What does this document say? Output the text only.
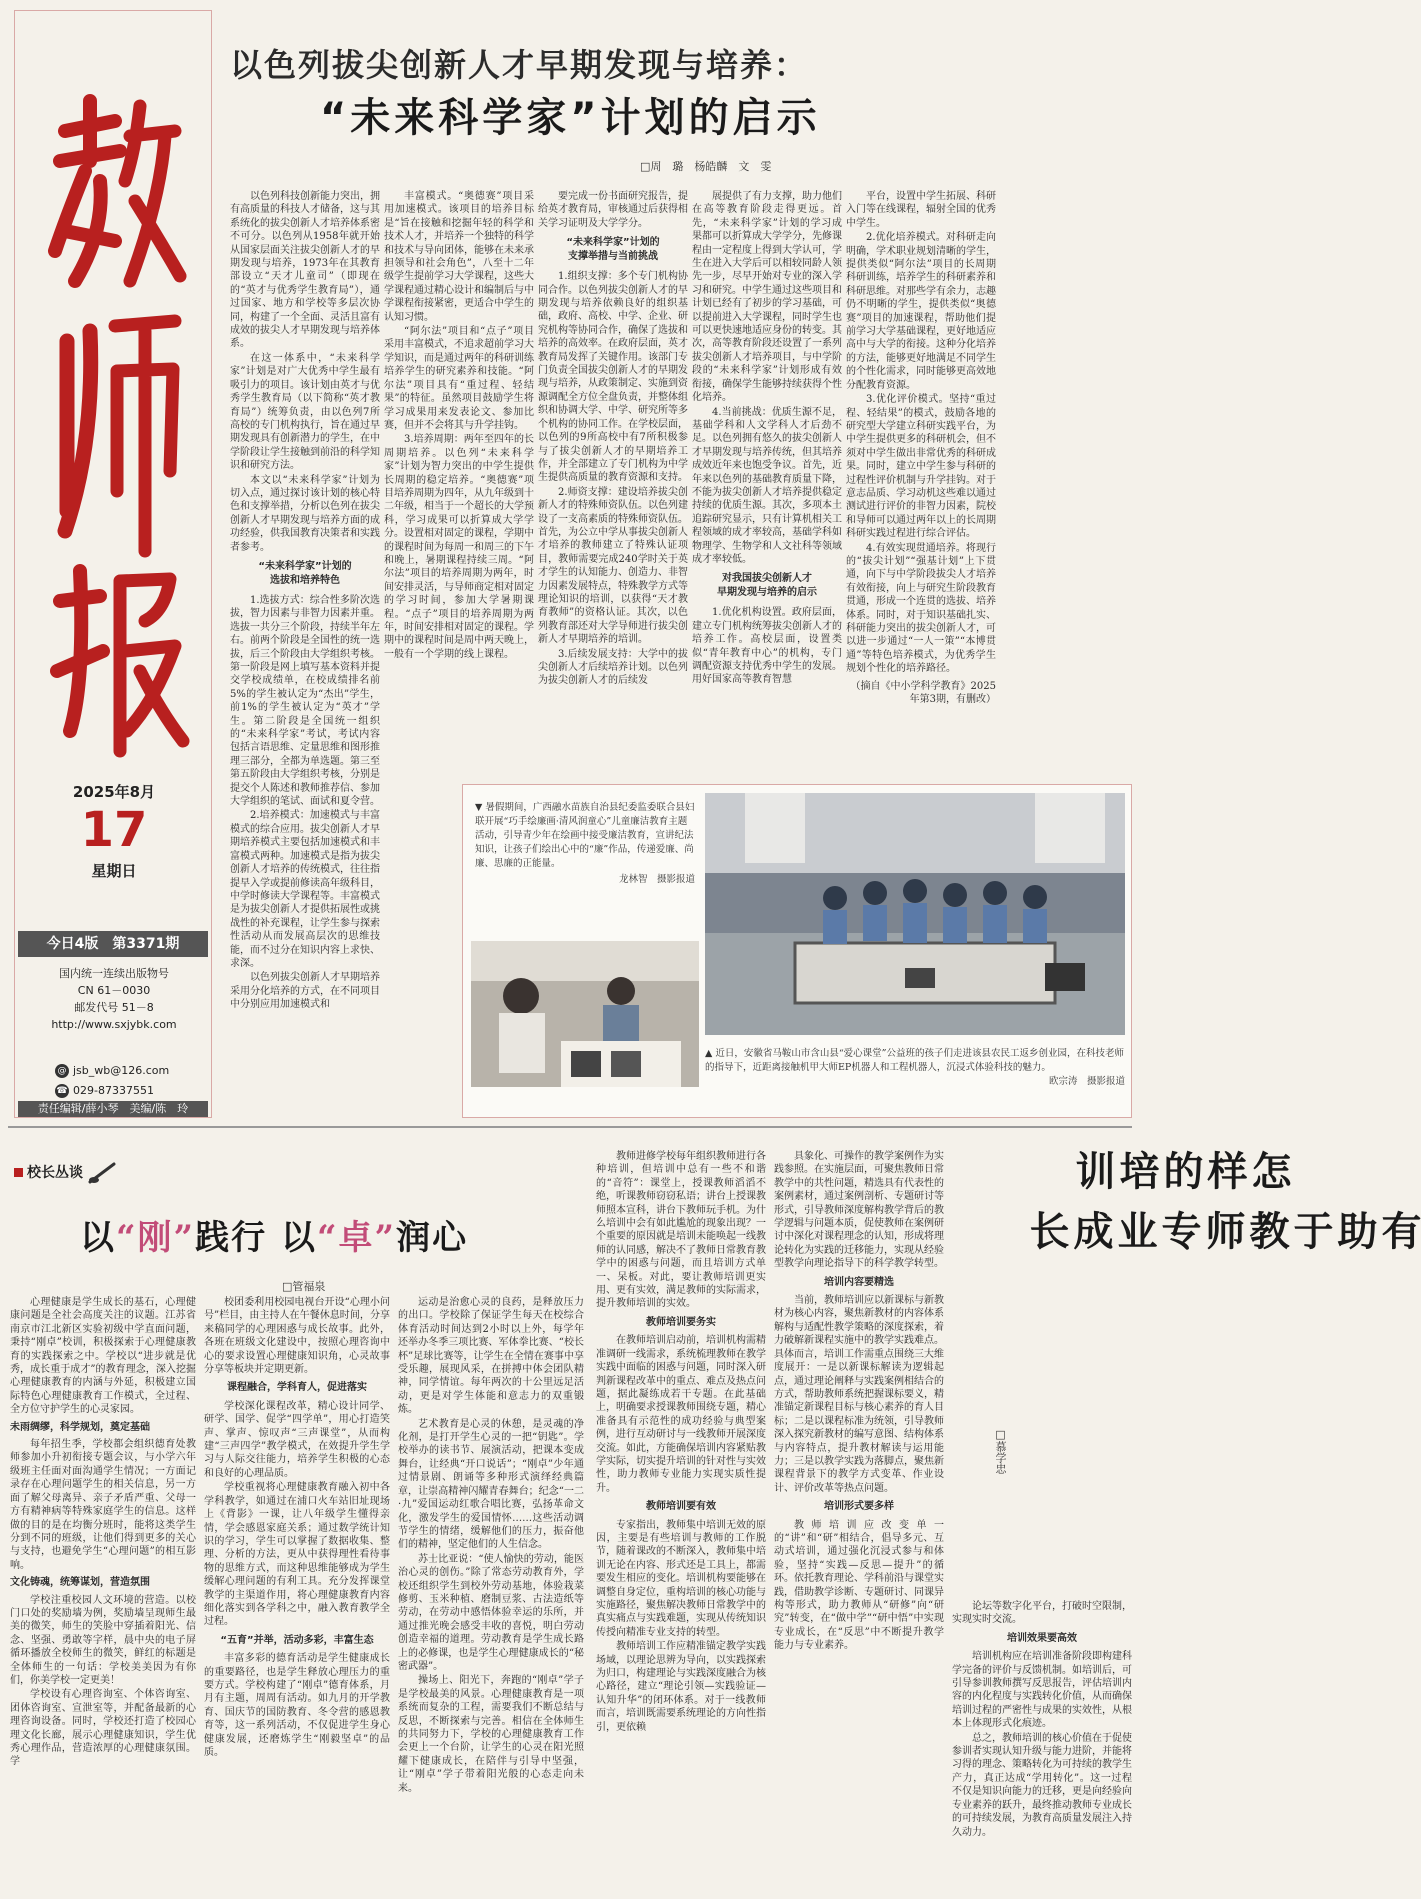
2025年8月
17
星期日
今日4版　第3371期
国内统一连续出版物号
CN 61－0030
邮发代号 51－8
http://www.sxjybk.com
@ jsb_wb@126.com
☎ 029-87337551
责任编辑/薛小琴　美编/陈　玲
以色列拔尖创新人才早期发现与培养：
“未来科学家”计划的启示
□周　璐　杨皓麟　文　雯

以色列科技创新能力突出，拥有高质量的科技人才储备，这与其系统化的拔尖创新人才培养体系密不可分。以色列从1958年就开始从国家层面关注拔尖创新人才的早期发现与培养，1973年在其教育部设立“天才儿童司”（即现在的“英才与优秀学生教育局”），通过国家、地方和学校等多层次协同，构建了一个全面、灵活且富有成效的拔尖人才早期发现与培养体系。

在这一体系中，“未来科学家”计划是对广大优秀中学生最有吸引力的项目。该计划由英才与优秀学生教育局（以下简称“英才教育局”）统筹负责，由以色列7所高校的专门机构执行，旨在通过早期发现具有创新潜力的学生，在中学阶段让学生接触到前沿的科学知识和研究方法。

本文以“未来科学家”计划为切入点，通过探讨该计划的核心特色和支撑举措，分析以色列在拔尖创新人才早期发现与培养方面的成功经验，供我国教育决策者和实践者参考。

“未来科学家”计划的
选拔和培养特色

1.选拔方式：综合性多阶次选拔，智力因素与非智力因素并重。选拔一共分三个阶段，持续半年左右。前两个阶段是全国性的统一选拔，后三个阶段由大学组织考核。第一阶段是网上填写基本资料并提交学校成绩单，在校成绩排名前5%的学生被认定为“杰出”学生，前1%的学生被认定为“英才”学生。第二阶段是全国统一组织的“未来科学家”考试，考试内容包括言语思维、定量思维和图形推理三部分，全都为单选题。第三至第五阶段由大学组织考核，分别是提交个人陈述和教师推荐信、参加大学组织的笔试、面试和夏令营。

2.培养模式：加速模式与丰富模式的综合应用。拔尖创新人才早期培养模式主要包括加速模式和丰富模式两种。加速模式是指为拔尖创新人才培养的传统模式，往往指提早入学或提前修读高年级科目，中学时修读大学课程等。丰富模式是为拔尖创新人才提供拓展性或挑战性的补充课程，让学生参与探索性活动从而发展高层次的思维技能，而不过分在知识内容上求快、求深。

以色列拔尖创新人才早期培养采用分化培养的方式，在不同项目中分别应用加速模式和

丰富模式。“奥德赛”项目采用加速模式。该项目的培养目标是“旨在接触和挖掘年轻的科学和技术人才，并培养一个独特的科学和技术与导向团体，能够在未来承担领导和社会角色”，八至十二年级学生提前学习大学课程，这些大学课程通过精心设计和编制后与中学课程衔接紧密，更适合中学生的认知习惯。

“阿尔法”项目和“点子”项目采用丰富模式，不追求超前学习大学知识，而是通过两年的科研训练培养学生的研究素养和技能。“阿尔法”项目具有“重过程、轻结果”的特征。虽然项目鼓励学生将学习成果用来发表论文、参加比赛，但并不会将其与升学挂钩。

3.培养周期：两年至四年的长周期培养。以色列“未来科学家”计划为智力突出的中学生提供长周期的稳定培养。“奥德赛”项目培养周期为四年，从九年级到十二年级，相当于一个超长的大学预科，学习成果可以折算成大学学分。设置相对固定的课程，学期中的课程时间为每周一和周三的下午和晚上，暑期课程持续三周。“阿尔法”项目的培养周期为两年，时间安排灵活，与导师商定相对固定的学习时间，参加大学暑期课程。“点子”项目的培养周期为两年，时间安排相对固定的课程。学期中的课程时间是周中两天晚上，一般有一个学期的线上课程。

要完成一份书面研究报告，提给英才教育局，审核通过后获得相关学习证明及大学学分。

“未来科学家”计划的
支撑举措与当前挑战

1.组织支撑：多个专门机构协同合作。以色列拔尖创新人才的早期发现与培养依赖良好的组织基础，政府、高校、中学、企业、研究机构等协同合作，确保了选拔和培养的高效率。在政府层面，英才教育局发挥了关键作用。该部门专门负责全国拔尖创新人才的早期发现与培养，从政策制定、实施到资源调配全方位全盘负责，并整体组织和协调大学、中学、研究所等多个机构的协同工作。在学校层面，以色列的9所高校中有7所积极参与了拔尖创新人才的早期培养工作，并全部建立了专门机构为中学生提供高质量的教育资源和支持。

2.师资支撑：建设培养拔尖创新人才的特殊师资队伍。以色列建设了一支高素质的特殊师资队伍。首先，为公立中学从事拔尖创新人才培养的教师建立了特殊认证项目，教师需要完成240学时关于英才学生的认知能力、创造力、非智力因素发展特点，特殊教学方式等理论知识的培训，以获得“天才教育教师”的资格认证。其次，以色列教育部还对大学导师进行拔尖创新人才早期培养的培训。

3.后续发展支持：大学中的拔尖创新人才后续培养计划。以色列为拔尖创新人才的后续发

展提供了有力支撑，助力他们在高等教育阶段走得更远。首先，“未来科学家”计划的学习成果都可以折算成大学学分，先修课程由一定程度上得到大学认可，学生在进入大学后可以相较同龄人领先一步，尽早开始对专业的深入学习和研究。中学生通过这些项目和计划已经有了初步的学习基础，可以提前进入大学课程，同时学生也可以更快速地适应身份的转变。其次，高等教育阶段还设置了一系列拔尖创新人才培养项目，与中学阶段的“未来科学家”计划形成有效衔接，确保学生能够持续获得个性化培养。

4.当前挑战：优质生源不足，基础学科和人文学科人才后劲不足。以色列拥有悠久的拔尖创新人才早期发现与培养传统，但其培养成效近年来也饱受争议。首先，近年来以色列的基础教育质量下降，不能为拔尖创新人才培养提供稳定持续的优质生源。其次，多项本土追踪研究显示，只有计算机相关工程领域的成才率较高，基础学科如物理学、生物学和人文社科等领域成才率较低。

对我国拔尖创新人才
早期发现与培养的启示

1.优化机构设置。政府层面，建立专门机构统筹拔尖创新人才的培养工作。高校层面，设置类似“青年教育中心”的机构，专门调配资源支持优秀中学生的发展。用好国家高等教育智慧

平台，设置中学生拓展、科研入门等在线课程，辐射全国的优秀中学生。

2.优化培养模式。对科研走向明确，学术职业规划清晰的学生，提供类似“阿尔法”项目的长周期科研训练，培养学生的科研素养和科研思维。对那些学有余力，志趣仍不明晰的学生，提供类似“奥德赛”项目的加速课程，帮助他们提前学习大学基础课程，更好地适应高中与大学的衔接。这种分化培养的方法，能够更好地满足不同学生的个性化需求，同时能够更高效地分配教育资源。

3.优化评价模式。坚持“重过程、轻结果”的模式，鼓励各地的研究型大学建立科研实践平台，为中学生提供更多的科研机会，但不须对中学生做出非常优秀的科研成果。同时，建立中学生参与科研的过程性评价机制与升学挂钩。对于意志品质、学习动机这些难以通过测试进行评价的非智力因素，院校和导师可以通过两年以上的长周期科研实践过程进行综合评估。

4.有效实现贯通培养。将现行的“拔尖计划”“强基计划”上下贯通，向下与中学阶段拔尖人才培养有效衔接，向上与研究生阶段教育贯通，形成一个连贯的选拔、培养体系。同时，对于知识基础扎实、科研能力突出的拔尖创新人才，可以进一步通过“一人一策”“本博贯通”等特色培养模式，为优秀学生规划个性化的培养路径。

（摘自《中小学科学教育》2025年第3期，有删改）
▼ 暑假期间，广西融水苗族自治县纪委监委联合县妇联开展“巧手绘廉画·清风润童心”儿童廉洁教育主题活动，引导青少年在绘画中接受廉洁教育，宣讲纪法知识，让孩子们绘出心中的“廉”作品，传递爱廉、尚廉、思廉的正能量。
龙林智　摄影报道
▲ 近日，安徽省马鞍山市含山县“爱心课堂”公益班的孩子们走进该县农民工返乡创业园，在科技老师的指导下，近距离接触机甲大师EP机器人和工程机器人，沉浸式体验科技的魅力。
欧宗涛　摄影报道
校长丛谈
以“刚”践行 以“卓”润心
□管福泉

心理健康是学生成长的基石，心理健康问题是全社会高度关注的议题。江苏省南京市江北新区实验初级中学直面问题，秉持“刚卓”校训，积极探索于心理健康教育的实践探索之中。学校以“进步就是优秀，成长重于成才”的教育理念，深入挖掘心理健康教育的内涵与外延，积极建立国际特色心理健康教育工作模式，全过程、全方位守护学生的心灵家园。

未雨绸缪，科学规划，奠定基础

每年招生季，学校都会组织德育处教师参加小升初衔接专题会议，与小学六年级班主任面对面沟通学生情况；一方面记录存在心理问题学生的相关信息，另一方面了解父母离异、亲子矛盾严重、父母一方有精神病等特殊家庭学生的信息。这样做的目的是在均衡分班时，能将这类学生分到不同的班级，让他们得到更多的关心与支持，也避免学生“心理问题”的相互影响。

文化铸魂，统筹谋划，营造氛围

学校注重校园人文环境的营造。以校门口处的奖励墙为例，奖励墙呈现师生最美的微笑，师生的笑脸中穿插着阳光、信念、坚强、勇敢等字样，晨中央的电子屏循环播放全校师生的微笑，鲜红的标题是全体师生的一句话：学校美美因为有你们，你美学校一定更美！

学校设有心理咨询室、个体咨询室、团体咨询室、宣泄室等，并配备最新的心理咨询设备。同时，学校还打造了校园心理文化长廊，展示心理健康知识，学生优秀心理作品，营造浓厚的心理健康氛围。学

校团委利用校园电视台开设“心理小问号”栏目，由主持人在午餐休息时间，分享来稿同学的心理困惑与成长故事。此外，各班在班级文化建设中，按照心理咨询中心的要求设置心理健康知识角，心灵故事分享等板块并定期更新。

课程融合，学科育人，促进落实

学校深化课程改革，精心设计同学、研学、国学、促学“四学单”，用心打造笑声、掌声、惊叹声“三声课堂”，从而构建“三声四学”教学模式，在效提升学生学习与人际交往能力，培养学生积极的心态和良好的心理品质。

学校重视将心理健康教育融入初中各学科教学，如通过在浦口火车站旧址现场上《背影》一课，让八年级学生懂得亲情，学会感恩家庭关系；通过数学统计知识的学习，学生可以掌握了数据收集、整理、分析的方法，更从中获得理性看待事物的思维方式，而这种思维能够成为学生缓解心理问题的有利工具。充分发挥课堂教学的主渠道作用，将心理健康教育内容细化落实到各学科之中，融入教育教学全过程。

“五育”并举，活动多彩，丰富生态

丰富多彩的德育活动是学生健康成长的重要路径，也是学生释放心理压力的重要方式。学校构建了“刚卓”德育体系，月月有主题，周周有活动。如九月的开学教育、国庆节的国防教育、冬令营的感恩教育等，这一系列活动，不仅促进学生身心健康发展，还磨炼学生“刚毅坚卓”的品质。

运动是治愈心灵的良药，是释放压力的出口。学校除了保证学生每天在校综合体育活动时间达到2小时以上外，每学年还举办冬季三项比赛、军体拳比赛、“校长杯”足球比赛等，让学生在全情在赛事中享受乐趣，展现风采，在拼搏中体会团队精神，同学情谊。每年两次的十公里远足活动，更是对学生体能和意志力的双重锻炼。

艺术教育是心灵的休憩，是灵魂的净化剂，是打开学生心灵的一把“钥匙”。学校举办的读书节、展演活动，把课本变成舞台，让经典“开口说话”；“刚卓”少年通过情景剧、朗诵等多种形式演绎经典篇章，让崇高精神闪耀青春舞台；纪念“一二·九”爱国运动红歌合唱比赛，弘扬革命文化，激发学生的爱国情怀……这些活动调节学生的情绪，缓解他们的压力，振奋他们的精神，坚定他们的人生信念。

苏士比亚说：“使人愉快的劳动，能医治心灵的创伤。”除了常态劳动教育外，学校还组织学生到校外劳动基地，体验栽菜修剪、玉米种植、磨制豆浆、古法造纸等劳动，在劳动中感悟体验幸运的乐所，并通过推光晚会感受丰收的喜悦，明白劳动创造幸福的道理。劳动教育是学生成长路上的必修课，也是学生心理健康成长的“秘密武器”。

操场上、阳光下，奔跑的“刚卓”学子是学校最美的风景。心理健康教育是一项系统而复杂的工程，需要我们不断总结与反思，不断探索与完善。相信在全体师生的共同努力下，学校的心理健康教育工作会更上一个台阶，让学生的心灵在阳光照耀下健康成长，在陪伴与引导中坚强，让“刚卓”学子带着阳光般的心态走向未来。

怎样的培训
有助于教师专业成长
□慕学忠

教师进修学校每年组织教师进行各种培训，但培训中总有一些不和谐的“音符”：课堂上，授课教师滔滔不绝，听课教师窃窃私语；讲台上授课教师照本宣科，讲台下教师玩手机。为什么培训中会有如此尴尬的现象出现？一个重要的原因就是培训未能唤起一线教师的认同感，解决不了教师日常教育教学中的困惑与问题，而且培训方式单一、呆板。对此，要让教师培训更实用、更有实效，满足教师的实际需求，提升教师培训的实效。

教师培训要务实

在教师培训启动前，培训机构需精准调研一线需求，系统梳理教师在教学实践中面临的困惑与问题，同时深入研判新课程改革中的重点、难点及热点问题，据此凝练成若干专题。在此基础上，明确要求授课教师围绕专题，精心准备具有示范性的成功经验与典型案例，进行互动研讨与一线教师开展深度交流。如此，方能确保培训内容紧贴教学实际，切实提升培训的针对性与实效性，助力教师专业能力实现实质性提升。

教师培训要有效

专家指出，教师集中培训无效的原因，主要是有些培训与教师的工作脱节，随着课改的不断深入，教师集中培训无论在内容、形式还是工具上，都需要发生相应的变化。培训机构要能够在调整自身定位，重构培训的核心功能与实施路径，聚焦解决教师日常教学中的真实痛点与实践难题，实现从传统知识传授向精准专业支持的转型。

教师培训工作应精准锚定教学实践场域，以理论思辨为导向，以实践探索为归口，构建理论与实践深度融合为核心路径，建立“理论引领—实践验证—认知升华”的闭环体系。对于一线教师而言，培训既需要系统理论的方向性指引，更依赖

具象化、可操作的教学案例作为实践参照。在实施层面，可聚焦教师日常教学中的共性问题，精选具有代表性的案例素材，通过案例剖析、专题研讨等形式，引导教师深度解构教学背后的教学逻辑与问题本质，促使教师在案例研讨中深化对课程理念的认知，形成将理论转化为实践的迁移能力，实现从经验型教学向理论指导下的科学教学转型。

培训内容要精选

当前，教师培训应以新课标与新教材为核心内容，聚焦新教材的内容体系解构与适配性教学策略的深度探索，着力破解新课程实施中的教学实践难点。具体而言，培训工作需重点围绕三大维度展开：一是以新课标解读为逻辑起点，通过理论阐释与实践案例相结合的方式，帮助教师系统把握课标要义，精准锚定新课程目标与核心素养的育人目标；二是以课程标准为统领，引导教师深入探究新教材的编写意图、结构体系与内容特点，提升教材解读与运用能力；三是以教学实践为落脚点，聚焦新课程背景下的教学方式变革、作业设计、评价改革等热点问题。

培训形式要多样

教师培训应改变单一的“讲”和“研”相结合，倡导多元、互动式培训，通过强化沉浸式参与和体验，坚持“实践—反思—提升”的循环。依托教育理论、学科前沿与课堂实践，借助教学诊断、专题研讨、同课异构等形式，助力教师从“研修”向“研究”转变，在“做中学”“研中悟”中实现专业成长，在“反思”中不断提升教学能力与专业素养。

论坛等数字化平台，打破时空限制，实现实时交流。

培训效果要高效

培训机构应在培训准备阶段即构建科学完备的评价与反馈机制。如培训后，可引导参训教师撰写反思报告，评估培训内容的内化程度与实践转化价值，从而确保培训过程的严密性与成果的实效性，从根本上体现形式化痕迹。

总之，教师培训的核心价值在于促使参训者实现认知升级与能力进阶，并能将习得的理念、策略转化为可持续的教学生产力，真正达成“学用转化”。这一过程不仅是知识向能力的迁移，更是向经验向专业素养的跃升，最终推动教师专业成长的可持续发展，为教育高质量发展注入持久动力。
